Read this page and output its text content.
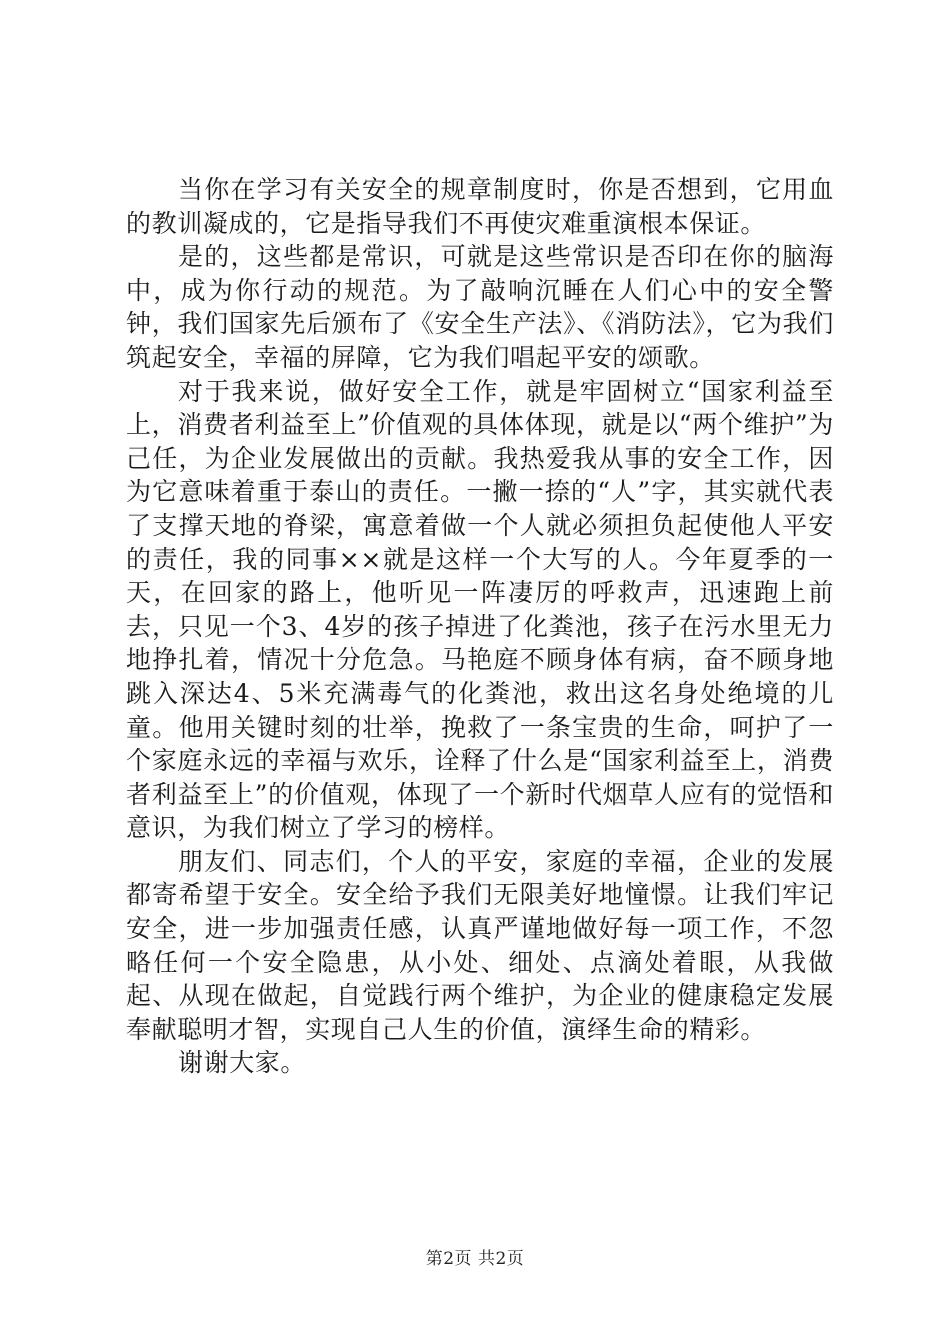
当你在学习有关安全的规章制度时，你是否想到，它用血的教训凝成的，它是指导我们不再使灾难重演根本保证。

是的，这些都是常识，可就是这些常识是否印在你的脑海中，成为你行动的规范。为了敲响沉睡在人们心中的安全警钟，我们国家先后颁布了《安全生产法》、《消防法》，它为我们筑起安全，幸福的屏障，它为我们唱起平安的颂歌。

对于我来说，做好安全工作，就是牢固树立“国家利益至上，消费者利益至上”价值观的具体体现，就是以“两个维护”为己任，为企业发展做出的贡献。我热爱我从事的安全工作，因为它意味着重于泰山的责任。一撇一捺的“人”字，其实就代表了支撑天地的脊梁，寓意着做一个人就必须担负起使他人平安的责任，我的同事××就是这样一个大写的人。今年夏季的一天，在回家的路上，他听见一阵凄厉的呼救声，迅速跑上前去，只见一个3、4岁的孩子掉进了化粪池，孩子在污水里无力地挣扎着，情况十分危急。马艳庭不顾身体有病，奋不顾身地跳入深达4、5米充满毒气的化粪池，救出这名身处绝境的儿童。他用关键时刻的壮举，挽救了一条宝贵的生命，呵护了一个家庭永远的幸福与欢乐，诠释了什么是“国家利益至上，消费者利益至上”的价值观，体现了一个新时代烟草人应有的觉悟和意识，为我们树立了学习的榜样。

朋友们、同志们，个人的平安，家庭的幸福，企业的发展都寄希望于安全。安全给予我们无限美好地憧憬。让我们牢记安全，进一步加强责任感，认真严谨地做好每一项工作，不忽略任何一个安全隐患，从小处、细处、点滴处着眼，从我做起、从现在做起，自觉践行两个维护，为企业的健康稳定发展奉献聪明才智，实现自己人生的价值，演绎生命的精彩。

谢谢大家。

第2页 共2页
